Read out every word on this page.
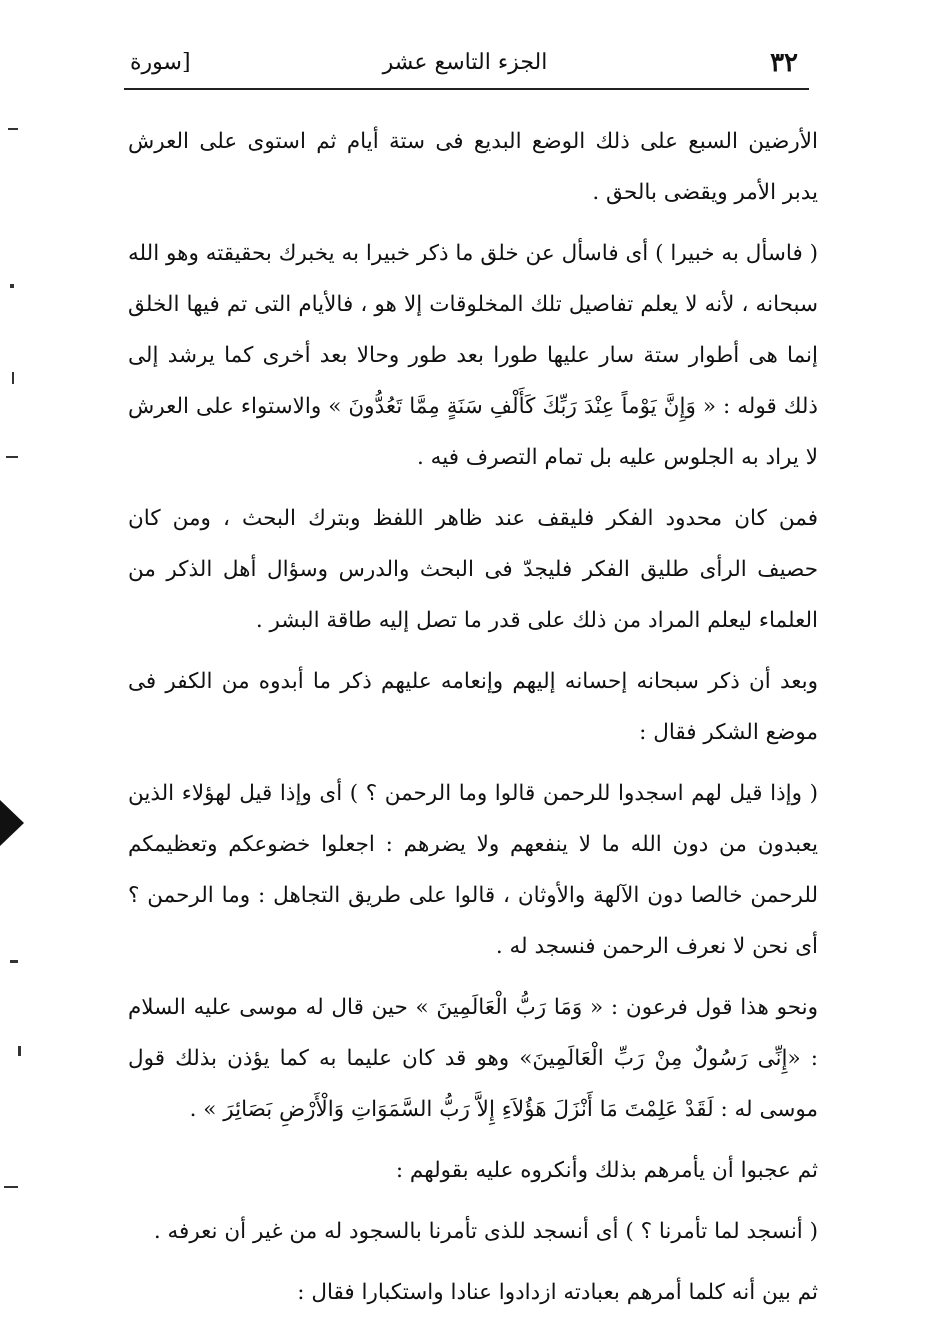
٣٢
الجزء التاسع عشر
[سورة

الأرضين السبع على ذلك الوضع البديع فى ستة أيام ثم استوى على العرش يدبر الأمر ويقضى بالحق .

( فاسأل به خبيرا ) أى فاسأل عن خلق ما ذكر خبيرا به يخبرك بحقيقته وهو الله سبحانه ، لأنه لا يعلم تفاصيل تلك المخلوقات إلا هو ، فالأيام التى تم فيها الخلق إنما هى أطوار ستة سار عليها طورا بعد طور وحالا بعد أخرى كما يرشد إلى ذلك قوله : « وَإِنَّ يَوْماً عِنْدَ رَبِّكَ كَأَلْفِ سَنَةٍ مِمَّا تَعُدُّونَ » والاستواء على العرش لا يراد به الجلوس عليه بل تمام التصرف فيه .

فمن كان محدود الفكر فليقف عند ظاهر اللفظ وبترك البحث ، ومن كان حصيف الرأى طليق الفكر فليجدّ فى البحث والدرس وسؤال أهل الذكر من العلماء ليعلم المراد من ذلك على قدر ما تصل إليه طاقة البشر .

وبعد أن ذكر سبحانه إحسانه إليهم وإنعامه عليهم ذكر ما أبدوه من الكفر فى موضع الشكر فقال :

( وإذا قيل لهم اسجدوا للرحمن قالوا وما الرحمن ؟ ) أى وإذا قيل لهؤلاء الذين يعبدون من دون الله ما لا ينفعهم ولا يضرهم : اجعلوا خضوعكم وتعظيمكم للرحمن خالصا دون الآلهة والأوثان ، قالوا على طريق التجاهل : وما الرحمن ؟ أى نحن لا نعرف الرحمن فنسجد له .

ونحو هذا قول فرعون : « وَمَا رَبُّ الْعَالَمِينَ » حين قال له موسى عليه السلام : «إِنِّى رَسُولٌ مِنْ رَبِّ الْعَالَمِينَ» وهو قد كان عليما به كما يؤذن بذلك قول موسى له : لَقَدْ عَلِمْتَ مَا أَنْزَلَ هَؤُلاَءِ إِلاَّ رَبُّ السَّمَوَاتِ وَالْأَرْضِ بَصَائِرَ » .

ثم عجبوا أن يأمرهم بذلك وأنكروه عليه بقولهم :

( أنسجد لما تأمرنا ؟ ) أى أنسجد للذى تأمرنا بالسجود له من غير أن نعرفه .

ثم بين أنه كلما أمرهم بعبادته ازدادوا عنادا واستكبارا فقال :
